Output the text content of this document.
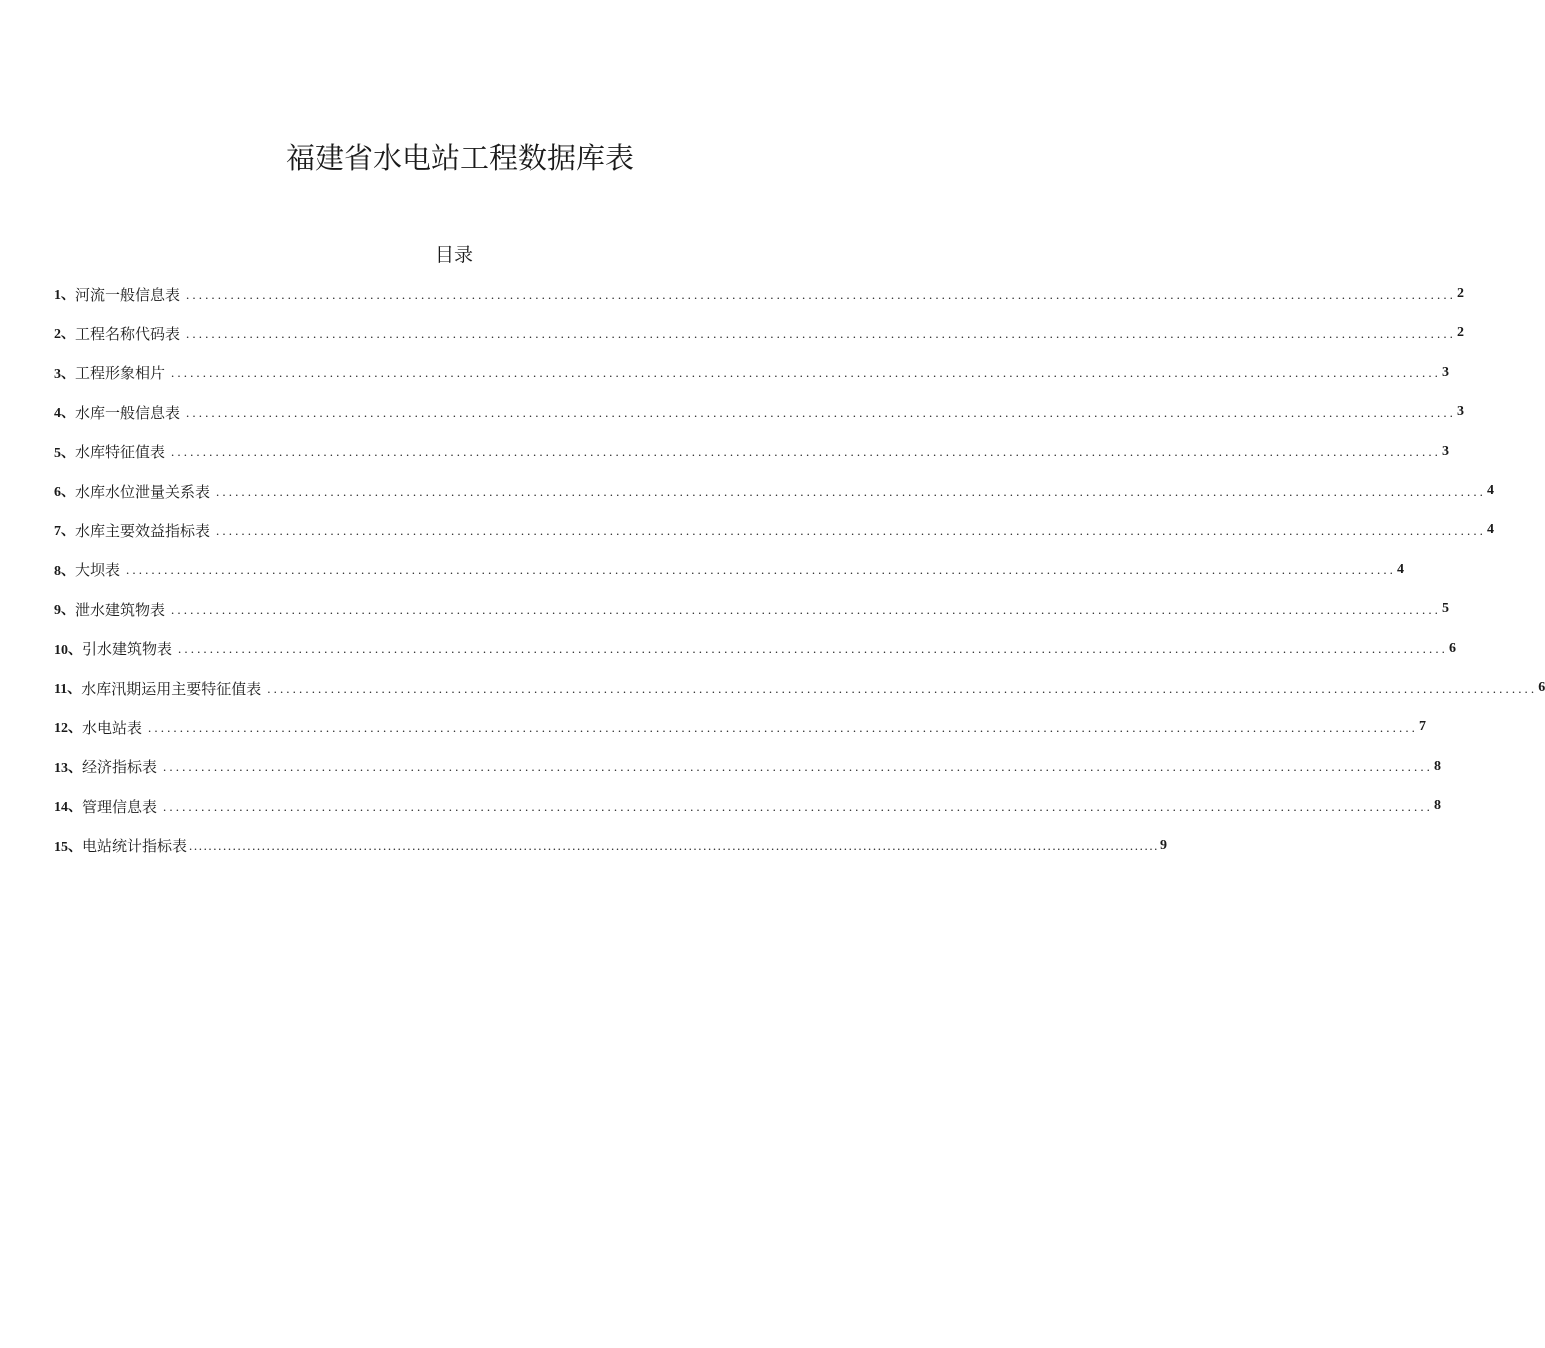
福建省水电站工程数据库表
目录
1、 河流一般信息表 ........................................................................................................................................................................................................ 2
2、 工程名称代码表 ........................................................................................................................................................................................................ 2
3、 工程形象相片 ........................................................................................................................................................................................................ 3
4、 水库一般信息表 ........................................................................................................................................................................................................ 3
5、 水库特征值表 ........................................................................................................................................................................................................ 3
6、 水库水位泄量关系表 ........................................................................................................................................................................................................ 4
7、 水库主要效益指标表 ........................................................................................................................................................................................................ 4
8、 大坝表 ........................................................................................................................................................................................................ 4
9、 泄水建筑物表 ........................................................................................................................................................................................................ 5
10、 引水建筑物表 ........................................................................................................................................................................................................ 6
11、 水库汛期运用主要特征值表 ........................................................................................................................................................................................................ 6
12、 水电站表 ........................................................................................................................................................................................................ 7
13、 经济指标表 ........................................................................................................................................................................................................ 8
14、 管理信息表 ........................................................................................................................................................................................................ 8
15、 电站统计指标表 ........................................................................................................................................................................................................ 9
